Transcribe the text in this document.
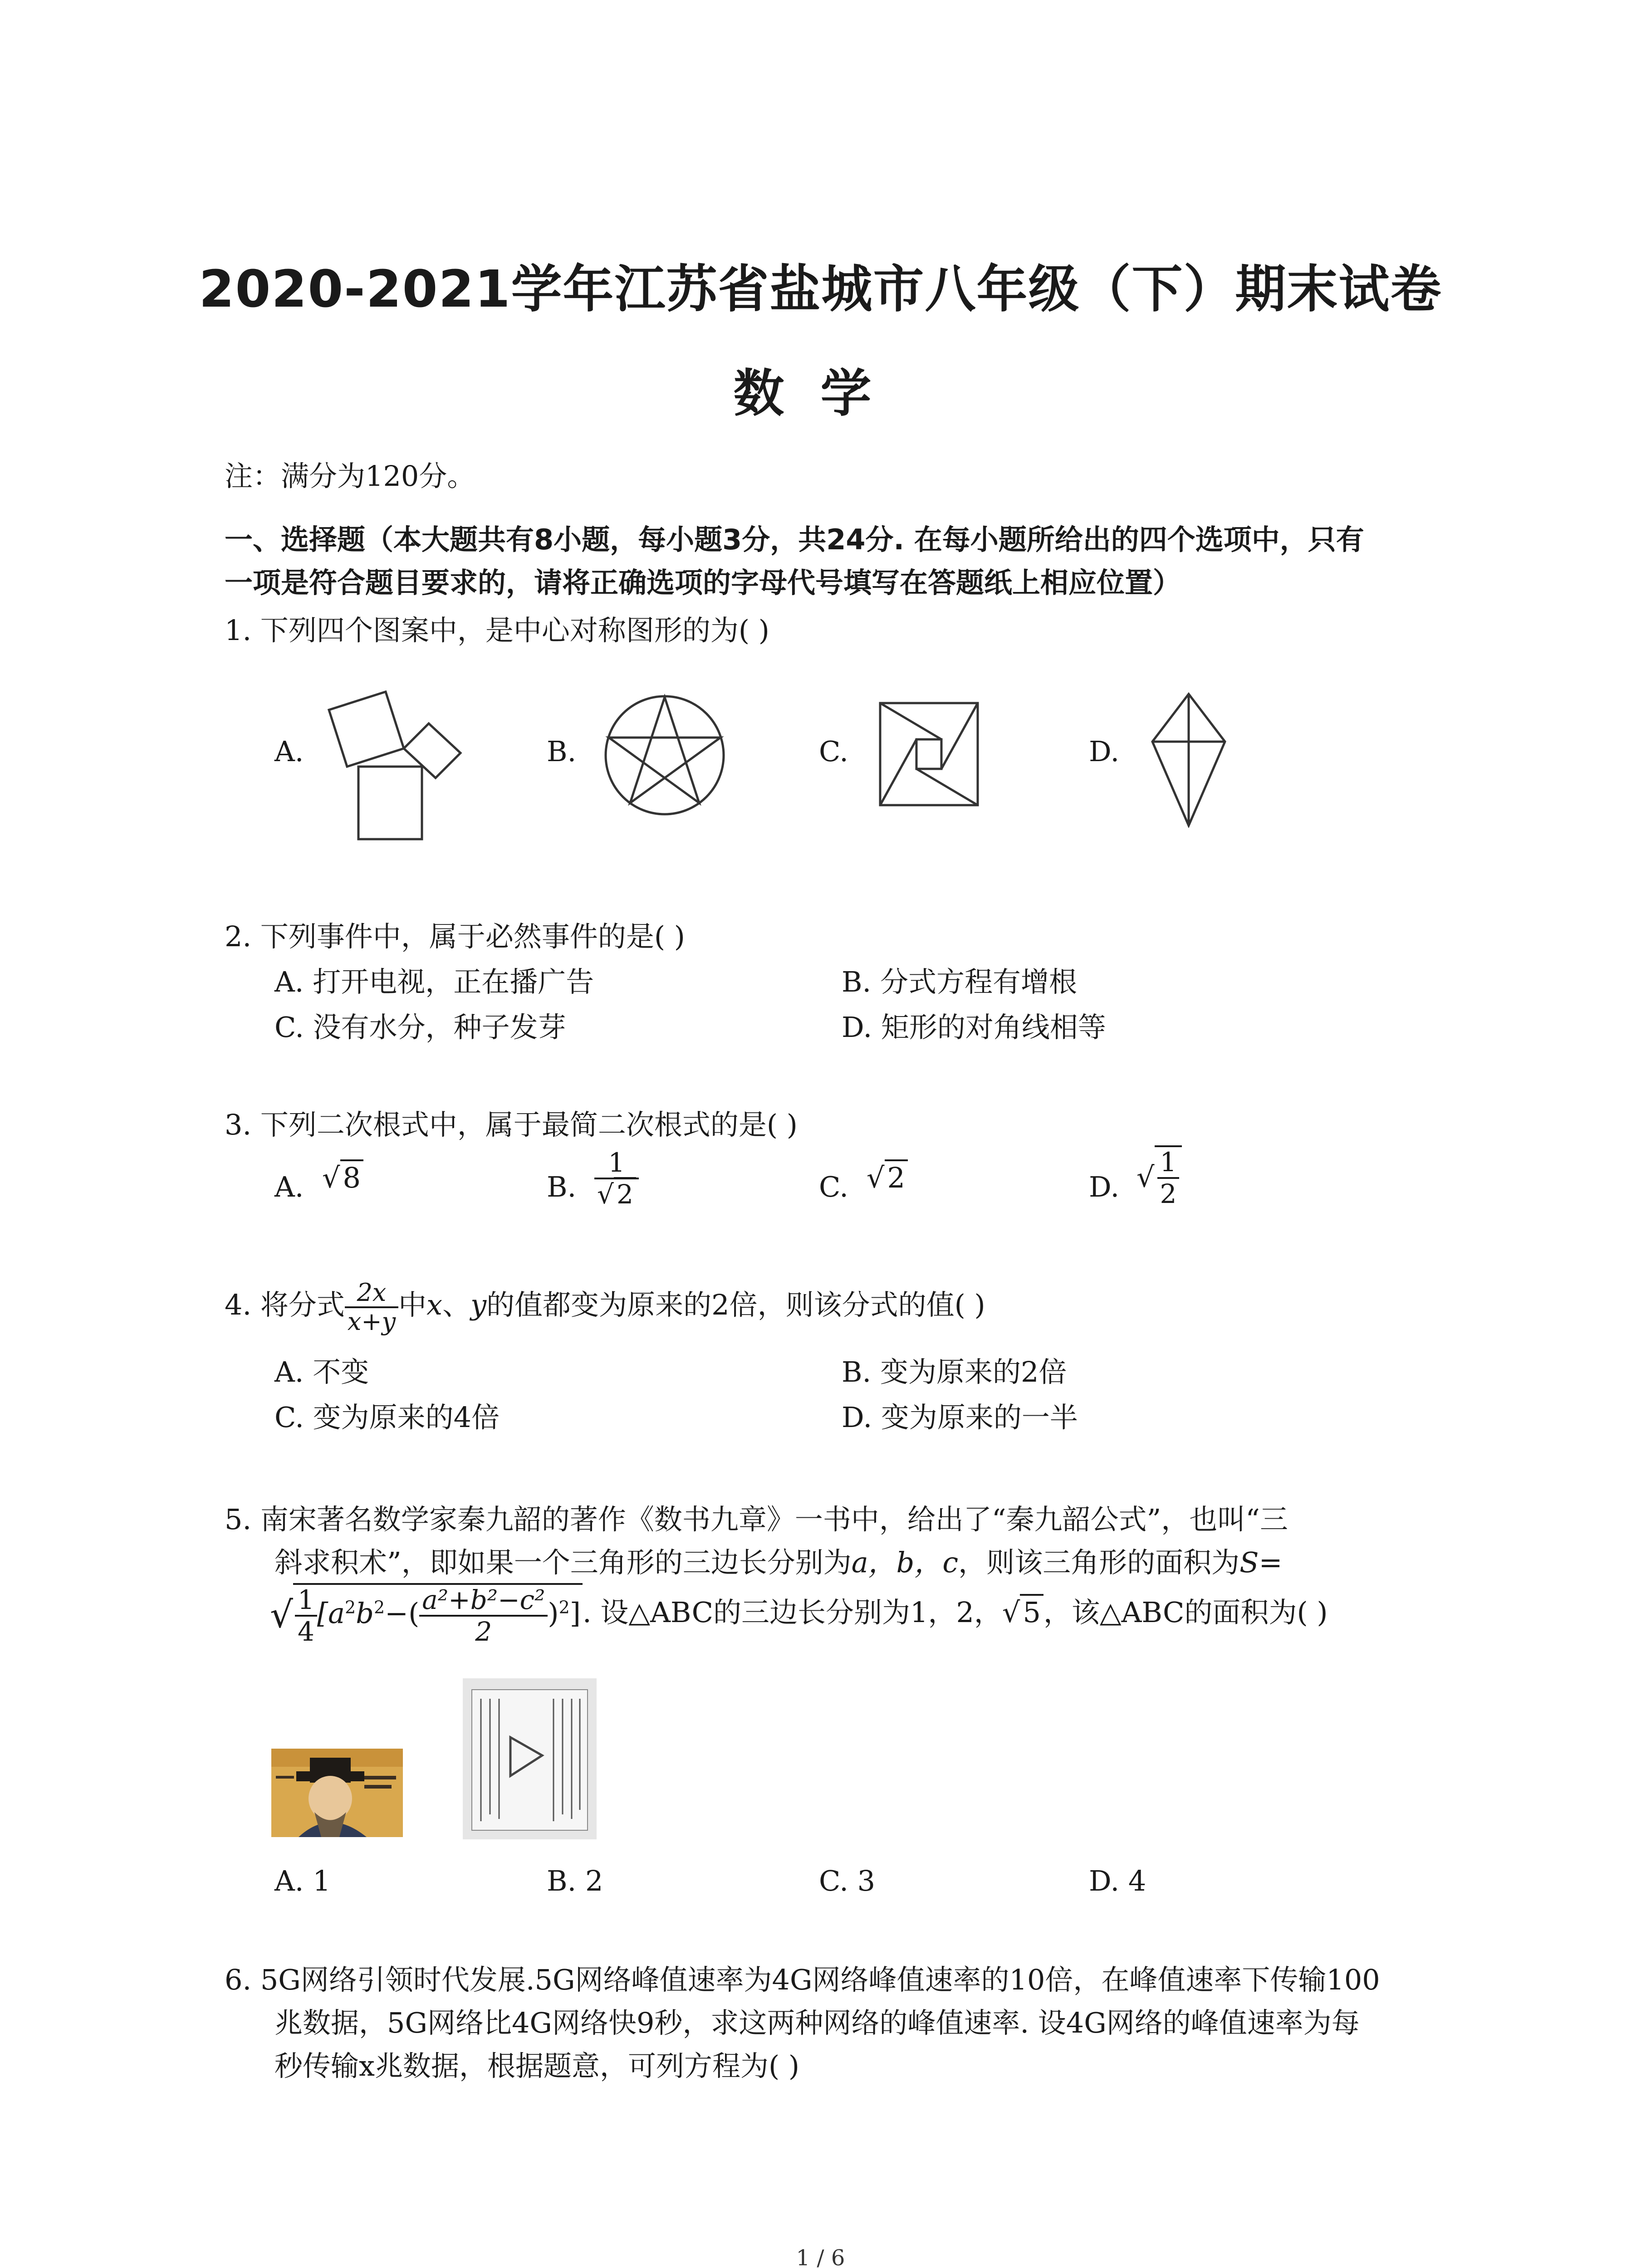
2020-2021学年江苏省盐城市八年级（下）期末试卷
数学
注：满分为120分。
一、选择题（本大题共有8小题，每小题3分，共24分. 在每小题所给出的四个选项中，只有
一项是符合题目要求的，请将正确选项的字母代号填写在答题纸上相应位置）
1. 下列四个图案中，是中心对称图形的为( )
A.	B.	C.	D.
2. 下列事件中，属于必然事件的是( )
A. 打开电视，正在播广告	B. 分式方程有增根
C. 没有水分，种子发芽	D. 矩形的对角线相等
3. 下列二次根式中，属于最简二次根式的是( )
A. √8	B. $\frac{1}{√ 2}$	C. √2	D. √ $\frac{1}{2}$
4. 将分式 $\frac{2x}{x+y}$ 中x、y的值都变为原来的2倍，则该分式的值( )
A. 不变	B. 变为原来的2倍
C. 变为原来的4倍	D. 变为原来的一半
5. 南宋著名数学家秦九韶的著作《数书九章》一书中，给出了“秦九韶公式”，也叫“三
斜求积术”，即如果一个三角形的三边长分别为a，b，c，则该三角形的面积为S=
√ $\frac{1}{4} [a^2b^2-( \frac{\text{a²+b²−c²}}{2} )^2]$. 设△ABC的三边长分别为1，2，√5，该△ABC的面积为( )
A. 1	B. 2	C. 3	D. 4
6. 5G网络引领时代发展.5G网络峰值速率为4G网络峰值速率的10倍，在峰值速率下传输100
兆数据，5G网络比4G网络快9秒，求这两种网络的峰值速率. 设4G网络的峰值速率为每
秒传输x兆数据，根据题意，可列方程为( )
1 / 6
